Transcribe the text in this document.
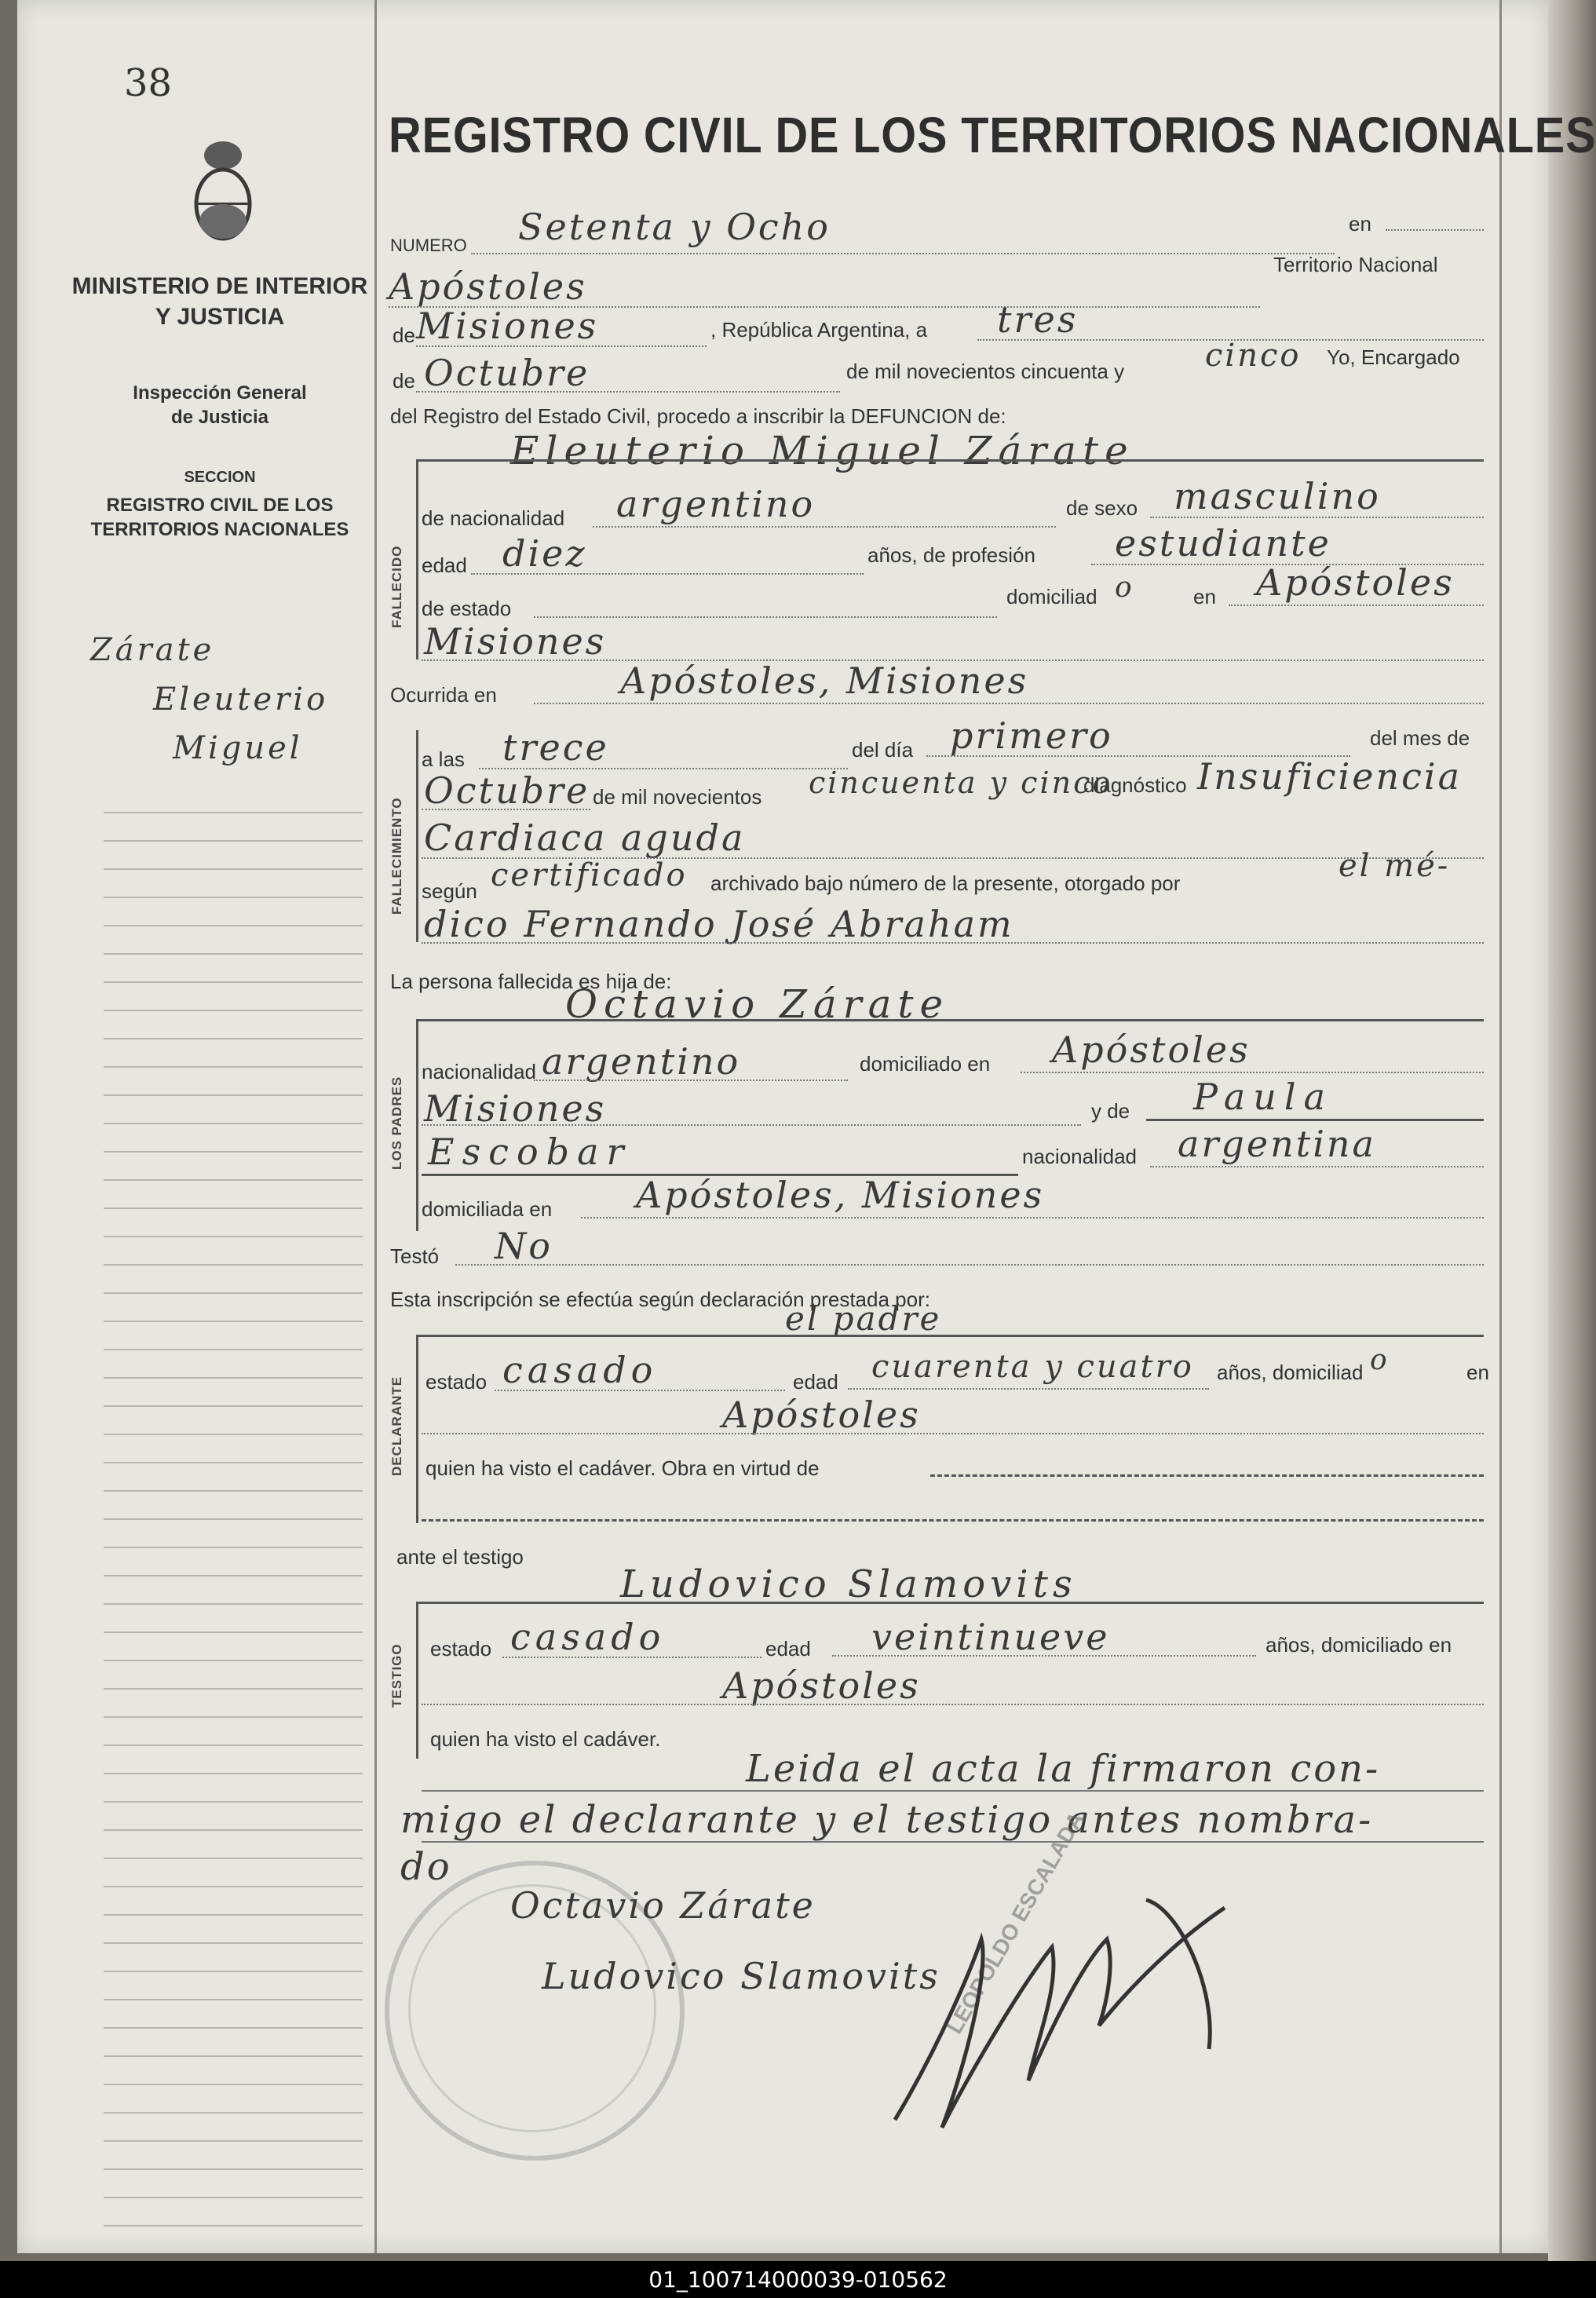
38
MINISTERIO DE INTERIOR
Y JUSTICIA
Inspección General
de Justicia
SECCION
REGISTRO CIVIL DE LOS
TERRITORIOS NACIONALES
Zárate
Eleuterio
Miguel
REGISTRO CIVIL DE LOS TERRITORIOS NACIONALES
NUMERO Setenta y Ocho	en
Apóstoles
Territorio Nacional
de Misiones	, República Argentina, a tres
de Octubre	de mil novecientos cincuenta y	cinco Yo, Encargado
del Registro del Estado Civil, procedo a inscribir la DEFUNCION de:
FALLECIDO
Eleuterio Miguel Zárate
de nacionalidad argentino	de sexo masculino
edad diez	años, de profesión estudiante
de estado	domiciliad o	en Apóstoles
Misiones
Ocurrida en	Apóstoles, Misiones
FALLECIMIENTO
a las trece	del día primero	del mes de
Octubre de mil novecientos cincuenta y cinco
diagnóstico Insuficiencia
Cardiaca aguda
según certificado archivado bajo número de la presente, otorgado por	el mé-
dico Fernando José Abraham
La persona fallecida es hija de:
LOS PADRES
Octavio Zárate
nacionalidad argentino	domiciliado en Apóstoles
Misiones	y de Paula
Escobar	nacionalidad argentina
domiciliada en Apóstoles, Misiones
Testó No
Esta inscripción se efectúa según declaración prestada por:
DECLARANTE
el padre
estado casado	edad cuarenta y cuatro años, domiciliad o	en
Apóstoles
quien ha visto el cadáver. Obra en virtud de
ante el testigo
TESTIGO
Ludovico Slamovits
estado casado	edad veintinueve	años, domiciliado en
Apóstoles
quien ha visto el cadáver.
Leida el acta la firmaron con-
migo el declarante y el testigo antes nombra-
do	LEOPOLDO ESCALADA
Octavio Zárate
Ludovico Slamovits
01_100714000039-010562
